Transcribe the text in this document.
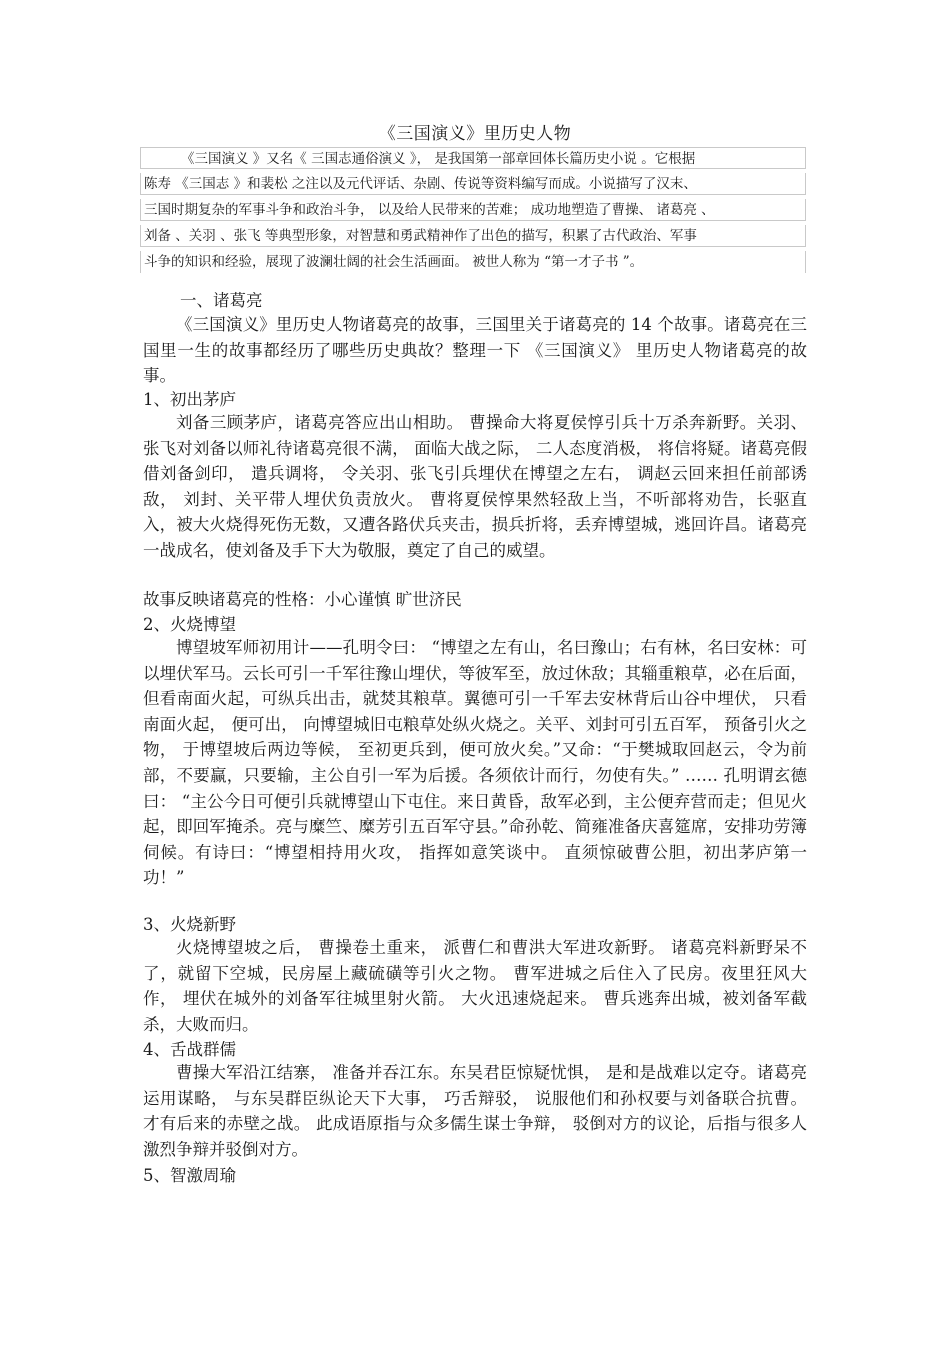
《三国演义》里历史人物
《三国演义 》又名《 三国志通俗演义 》， 是我国第一部章回体长篇历史小说 。它根据
陈寿 《三国志 》和裴松 之注以及元代评话、杂剧、传说等资料编写而成。小说描写了汉末、
三国时期复杂的军事斗争和政治斗争， 以及给人民带来的苦难； 成功地塑造了曹操、 诸葛亮 、
刘备 、关羽 、张飞 等典型形象，对智慧和勇武精神作了出色的描写，积累了古代政治、军事
斗争的知识和经验，展现了波澜壮阔的社会生活画面。 被世人称为 “第一才子书 ”。
一、诸葛亮
《三国演义》里历史人物诸葛亮的故事，三国里关于诸葛亮的 14 个故事。诸葛亮在三国里一生的故事都经历了哪些历史典故？整理一下 《三国演义》 里历史人物诸葛亮的故事。
1、初出茅庐
刘备三顾茅庐，诸葛亮答应出山相助。 曹操命大将夏侯惇引兵十万杀奔新野。关羽、张飞对刘备以师礼待诸葛亮很不满， 面临大战之际， 二人态度消极， 将信将疑。诸葛亮假借刘备剑印， 遣兵调将， 令关羽、张飞引兵埋伏在博望之左右， 调赵云回来担任前部诱敌， 刘封、关平带人埋伏负责放火。 曹将夏侯惇果然轻敌上当，不听部将劝告，长驱直入，被大火烧得死伤无数，又遭各路伏兵夹击，损兵折将，丢弃博望城，逃回许昌。诸葛亮一战成名，使刘备及手下大为敬服，奠定了自己的威望。
故事反映诸葛亮的性格：小心谨慎 旷世济民
2、火烧博望
博望坡军师初用计——孔明令曰： “博望之左有山，名曰豫山；右有林，名曰安林：可以埋伏军马。云长可引一千军往豫山埋伏，等彼军至，放过休敌；其辎重粮草，必在后面，但看南面火起，可纵兵出击，就焚其粮草。翼德可引一千军去安林背后山谷中埋伏， 只看南面火起， 便可出， 向博望城旧屯粮草处纵火烧之。关平、刘封可引五百军， 预备引火之物， 于博望坡后两边等候， 至初更兵到，便可放火矣。”又命：“于樊城取回赵云，令为前部，不要赢，只要输，主公自引一军为后援。各须依计而行，勿使有失。” …… 孔明谓玄德曰： “主公今日可便引兵就博望山下屯住。来日黄昏，敌军必到，主公便弃营而走；但见火起，即回军掩杀。亮与糜竺、糜芳引五百军守县。”命孙乾、简雍准备庆喜筵席，安排功劳簿伺候。有诗曰：“博望相持用火攻， 指挥如意笑谈中。 直须惊破曹公胆，初出茅庐第一功！”
3、火烧新野
火烧博望坡之后， 曹操卷土重来， 派曹仁和曹洪大军进攻新野。 诸葛亮料新野呆不了，就留下空城，民房屋上藏硫磺等引火之物。 曹军进城之后住入了民房。夜里狂风大作， 埋伏在城外的刘备军往城里射火箭。 大火迅速烧起来。 曹兵逃奔出城，被刘备军截杀，大败而归。
4、舌战群儒
曹操大军沿江结寨， 准备并吞江东。东吴君臣惊疑忧惧， 是和是战难以定夺。诸葛亮运用谋略， 与东吴群臣纵论天下大事， 巧舌辩驳， 说服他们和孙权要与刘备联合抗曹。 才有后来的赤壁之战。 此成语原指与众多儒生谋士争辩， 驳倒对方的议论，后指与很多人激烈争辩并驳倒对方。
5、智激周瑜
